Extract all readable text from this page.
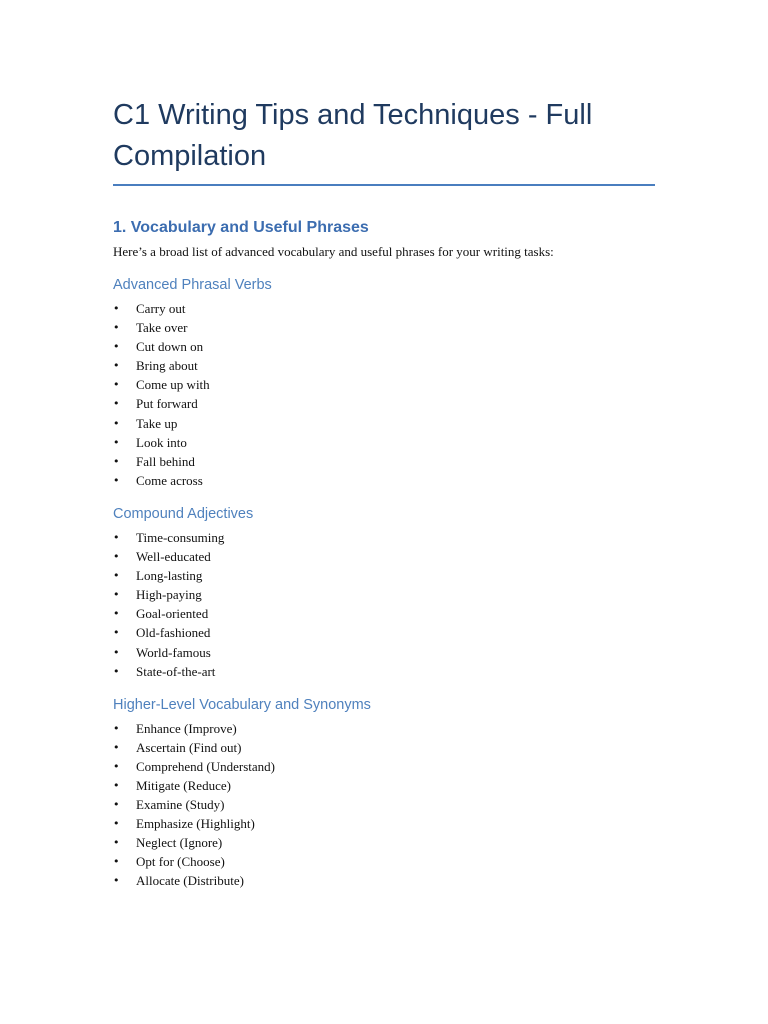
C1 Writing Tips and Techniques - Full Compilation
1. Vocabulary and Useful Phrases

Here’s a broad list of advanced vocabulary and useful phrases for your writing tasks:

Advanced Phrasal Verbs
• Carry out
• Take over
• Cut down on
• Bring about
• Come up with
• Put forward
• Take up
• Look into
• Fall behind
• Come across
Compound Adjectives
• Time-consuming
• Well-educated
• Long-lasting
• High-paying
• Goal-oriented
• Old-fashioned
• World-famous
• State-of-the-art
Higher-Level Vocabulary and Synonyms
• Enhance (Improve)
• Ascertain (Find out)
• Comprehend (Understand)
• Mitigate (Reduce)
• Examine (Study)
• Emphasize (Highlight)
• Neglect (Ignore)
• Opt for (Choose)
• Allocate (Distribute)
